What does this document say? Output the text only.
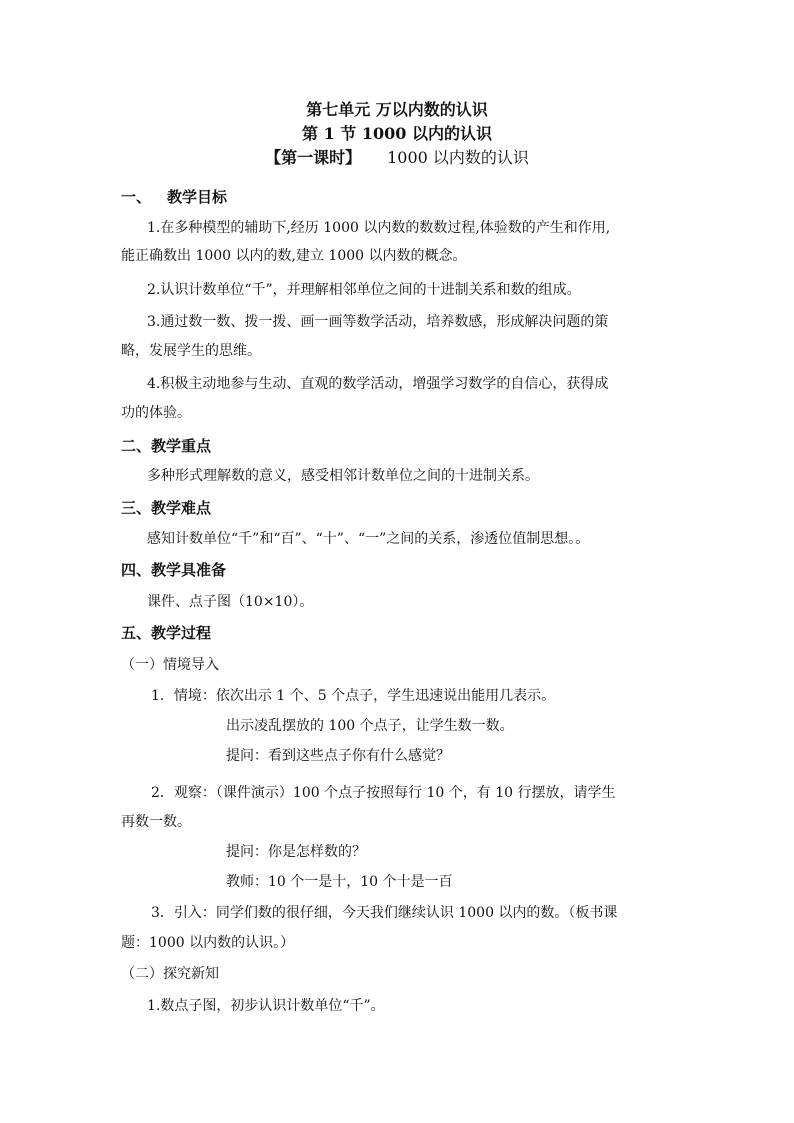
第七单元 万以内数的认识
第 1 节 1000 以内的认识
【第一课时】 1000 以内数的认识
一、 教学目标
1.在多种模型的辅助下,经历 1000 以内数的数数过程,体验数的产生和作用,
能正确数出 1000 以内的数,建立 1000 以内数的概念。
2.认识计数单位“千”，并理解相邻单位之间的十进制关系和数的组成。
3.通过数一数、拨一拨、画一画等数学活动，培养数感，形成解决问题的策
略，发展学生的思维。
4.积极主动地参与生动、直观的数学活动，增强学习数学的自信心，获得成
功的体验。
二、教学重点
多种形式理解数的意义，感受相邻计数单位之间的十进制关系。
三、教学难点
感知计数单位“千”和“百”、“十”、“一”之间的关系，渗透位值制思想。。
四、教学具准备
课件、点子图（10×10）。
五、教学过程
（一）情境导入
1．情境：依次出示 1 个、5 个点子，学生迅速说出能用几表示。
出示凌乱摆放的 100 个点子，让学生数一数。
提问：看到这些点子你有什么感觉？
2．观察：（课件演示）100 个点子按照每行 10 个，有 10 行摆放，请学生
再数一数。
提问：你是怎样数的？
教师：10 个一是十，10 个十是一百
3．引入：同学们数的很仔细，今天我们继续认识 1000 以内的数。（板书课
题：1000 以内数的认识。）
（二）探究新知
1.数点子图，初步认识计数单位“千”。
